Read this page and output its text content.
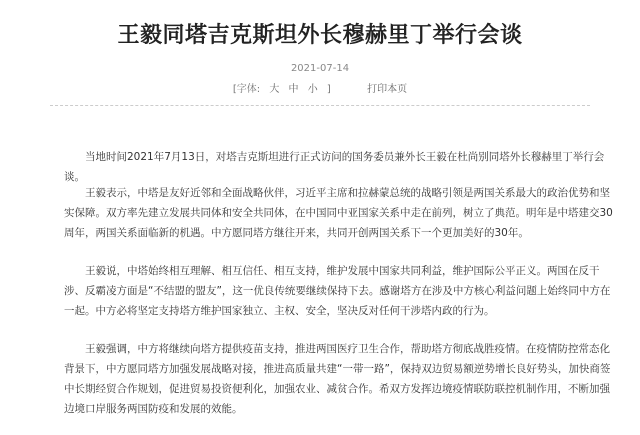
王毅同塔吉克斯坦外长穆赫里丁举行会谈
2021-07-14
[字体: 大 中 小 ]	打印本页

当地时间2021年7月13日，对塔吉克斯坦进行正式访问的国务委员兼外长王毅在杜尚别同塔外长穆赫里丁举行会谈。

王毅表示，中塔是友好近邻和全面战略伙伴，习近平主席和拉赫蒙总统的战略引领是两国关系最大的政治优势和坚实保障。双方率先建立发展共同体和安全共同体，在中国同中亚国家关系中走在前列，树立了典范。明年是中塔建交30周年，两国关系面临新的机遇。中方愿同塔方继往开来，共同开创两国关系下一个更加美好的30年。

王毅说，中塔始终相互理解、相互信任、相互支持，维护发展中国家共同利益，维护国际公平正义。两国在反干涉、反霸凌方面是“不结盟的盟友”，这一优良传统要继续保持下去。感谢塔方在涉及中方核心利益问题上始终同中方在一起。中方必将坚定支持塔方维护国家独立、主权、安全，坚决反对任何干涉塔内政的行为。

王毅强调，中方将继续向塔方提供疫苗支持，推进两国医疗卫生合作，帮助塔方彻底战胜疫情。在疫情防控常态化背景下，中方愿同塔方加强发展战略对接，推进高质量共建“一带一路”，保持双边贸易额逆势增长良好势头，加快商签中长期经贸合作规划，促进贸易投资便利化，加强农业、减贫合作。希双方发挥边境疫情联防联控机制作用，不断加强边境口岸服务两国防疫和发展的效能。
